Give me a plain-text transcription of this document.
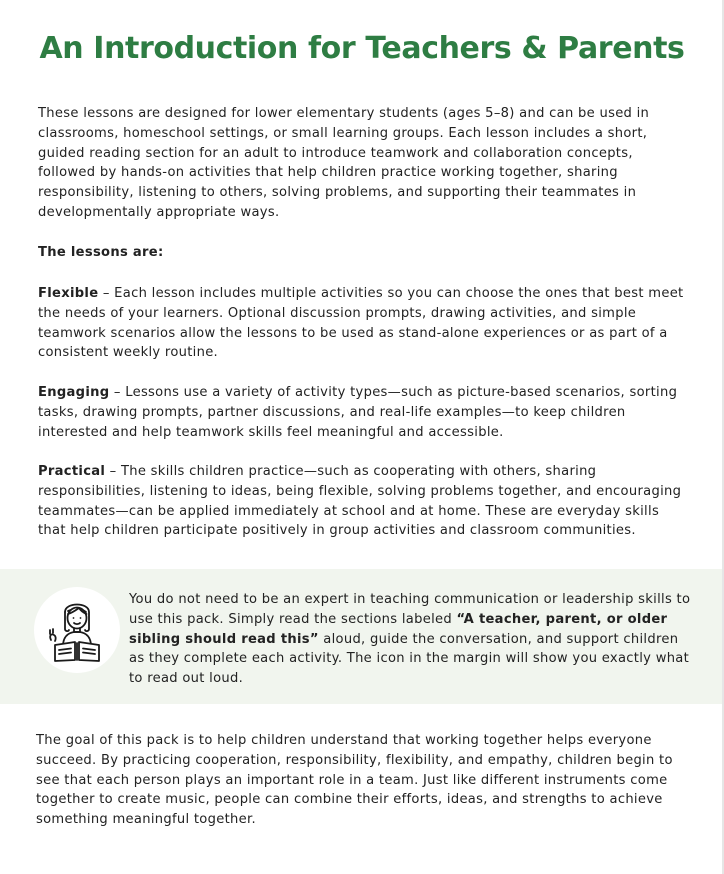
An Introduction for Teachers & Parents

These lessons are designed for lower elementary students (ages 5–8) and can be used in classrooms, homeschool settings, or small learning groups. Each lesson includes a short, guided reading section for an adult to introduce teamwork and collaboration concepts, followed by hands-on activities that help children practice working together, sharing responsibility, listening to others, solving problems, and supporting their teammates in developmentally appropriate ways.

The lessons are:

Flexible – Each lesson includes multiple activities so you can choose the ones that best meet the needs of your learners. Optional discussion prompts, drawing activities, and simple teamwork scenarios allow the lessons to be used as stand-alone experiences or as part of a consistent weekly routine.

Engaging – Lessons use a variety of activity types—such as picture-based scenarios, sorting tasks, drawing prompts, partner discussions, and real-life examples—to keep children interested and help teamwork skills feel meaningful and accessible.

Practical – The skills children practice—such as cooperating with others, sharing responsibilities, listening to ideas, being flexible, solving problems together, and encouraging teammates—can be applied immediately at school and at home. These are everyday skills that help children participate positively in group activities and classroom communities.

You do not need to be an expert in teaching communication or leadership skills to use this pack. Simply read the sections labeled “A teacher, parent, or older sibling should read this” aloud, guide the conversation, and support children as they complete each activity. The icon in the margin will show you exactly what to read out loud.

The goal of this pack is to help children understand that working together helps everyone succeed. By practicing cooperation, responsibility, flexibility, and empathy, children begin to see that each person plays an important role in a team. Just like different instruments come together to create music, people can combine their efforts, ideas, and strengths to achieve something meaningful together.
